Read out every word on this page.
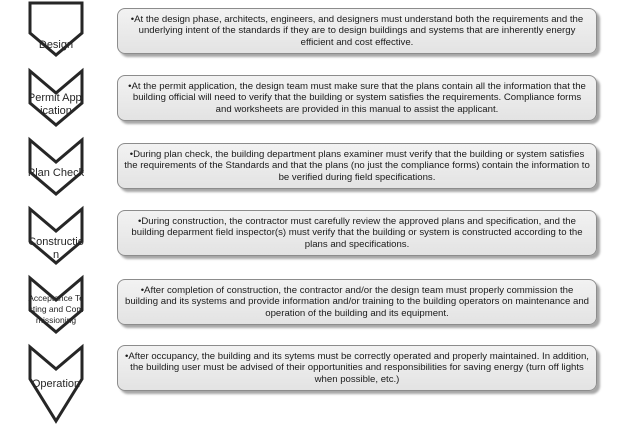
Design
Permit Application
Plan Check
Construction
Acceptance Testing and Commissioning
Operation
•At the design phase, architects, engineers, and designers must understand both the requirements and the underlying intent of the standards if they are to design buildings and systems that are inherently energy efficient and cost effective.
•At the permit application, the design team must make sure that the plans contain all the information that the building official will need to verify that the building or system satisfies the requirements. Compliance forms and worksheets are provided in this manual to assist the applicant.
•During plan check, the building department plans examiner must verify that the building or system satisfies the requirements of the Standards and that the plans (no just the compliance forms) contain the information to be verified during field specifications.
•During construction, the contractor must carefully review the approved plans and specification, and the building deparment field inspector(s) must verify that the building or system is constructed according to the plans and specifications.
•After completion of construction, the contractor and/or the design team must properly commission the building and its systems and provide information and/or training to the building operators on maintenance and operation of the building and its equipment.
•After occupancy, the building and its sytems must be correctly operated and properly maintained. In addition, the building user must be advised of their opportunities and responsibilities for saving energy (turn off lights when possible, etc.)
